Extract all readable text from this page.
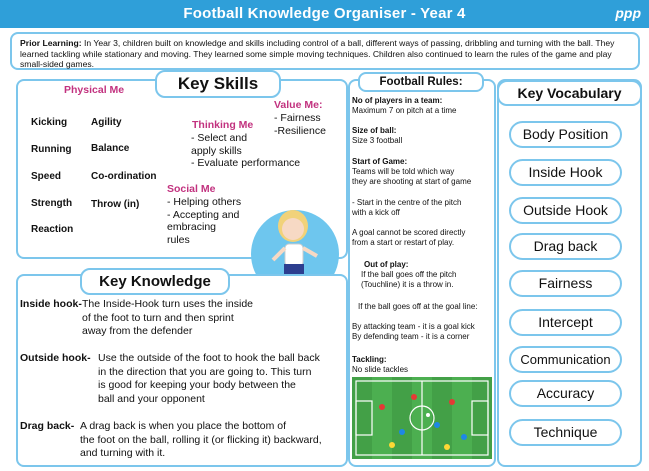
Football Knowledge Organiser - Year 4	ppp
Prior Learning: In Year 3, children built on knowledge and skills including control of a ball, different ways of passing, dribbling and turning with the ball. They learned tackling while stationary and moving. They learned some simple moving techniques. Children also continued to learn the rules of the game and play small-sided games.
Key Skills
Physical Me
Kicking
Running
Speed
Strength
Reaction
Agility
Balance
Co-ordination
Throw (in)
Thinking Me
- Select and
apply skills
- Evaluate performance
Value Me:
- Fairness
-Resilience
Social Me
- Helping others
- Accepting and
embracing
rules
Key Knowledge
Inside hook- The Inside-Hook turn uses the inside
of the foot to turn and then sprint
away from the defender
Outside hook- Use the outside of the foot to hook the ball back
in the direction that you are going to. This turn
is good for keeping your body between the
ball and your opponent
Drag back- A drag back is when you place the bottom of
the foot on the ball, rolling it (or flicking it) backward,
and turning with it.
Football Rules:
No of players in a team:
Maximum 7 on pitch at a time
Size of ball:
Size 3 football
Start of Game:
Teams will be told which way
they are shooting at start of game
- Start in the centre of the pitch
with a kick off
A goal cannot be scored directly
from a start or restart of play.
Out of play:
If the ball goes off the pitch
(Touchline) it is a throw in.
If the ball goes off at the goal line:
By attacking team - it is a goal kick
By defending team - it is a corner
Tackling:
No slide tackles
Key Vocabulary
Body Position
Inside Hook
Outside Hook
Drag back
Fairness
Intercept
Communication
Accuracy
Technique
